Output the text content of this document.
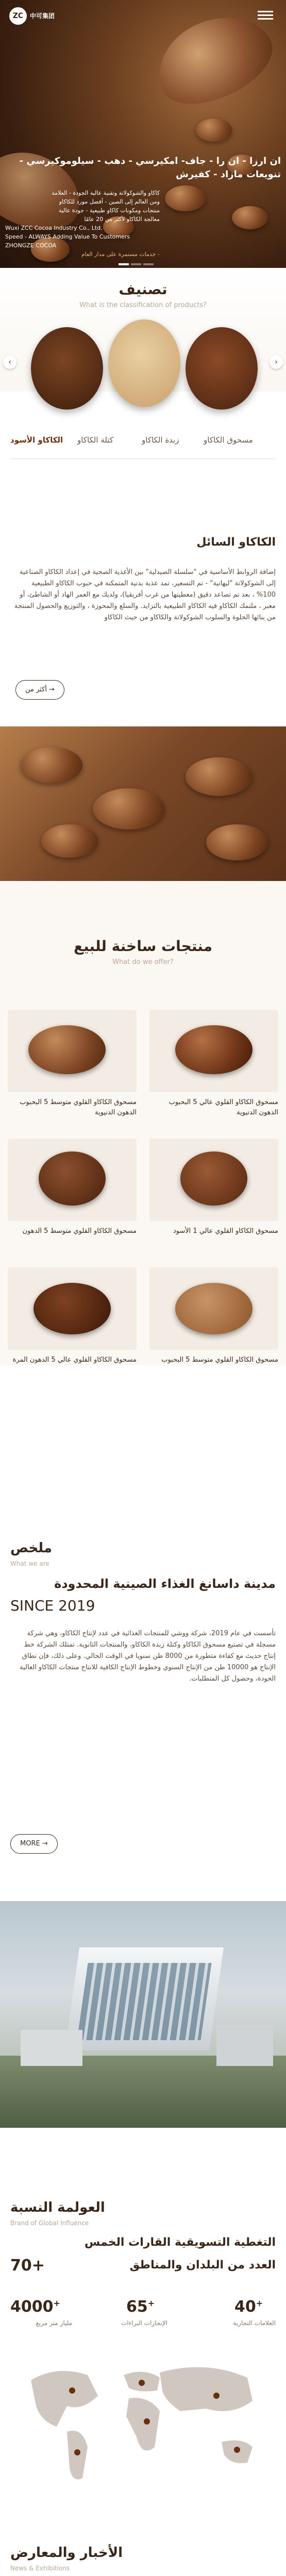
ZC	中可集团
ان ارزا - ان را - جاف- امكيرسي - دهب - سيلوموكيرسي - تنويعات مازاد - كفيرش
كاكاو والشوكولاتة وتقنية عالية الجودة - العلامة
ومن العالم إلى الصين - أفضل مورد للكاكاو
منتجات ومكونات كاكاو طبيعية - جودة عالية
معالجة الكاكاو لأكثر من 20 عامًا
Wuxi ZCC Cocoa Industry Co., Ltd.
Speed - ALWAYS Adding Value To Customers
ZHONGZE COCOA
- خدمات مستمرة على مدار العام
تصنيف
What is the classification of products?
‹	›
مسحوق الكاكاو
زبدة الكاكاو
كتلة الكاكاو
الكاكاو الأسود
الكاكاو السائل
إضافة الروابط الأساسية في "سلسلة الصيدلية" بين الأغذية الصحية في إعداد الكاكاو الصناعية إلى الشوكولاتة "ليهانية" - تم التسعير، تمد عذبة بدنية المتمكنة في حبوب الكاكاو الطبيعية 100% ، بعد تم تصاعد دقيق (معطيتها من غرب أفريقيا)، ولديك مع العمر الهاد أو الشاطئ، أو معبر ، ملتمك الكاكاو فيه الكاكاو الطبيعية بالتزايد. والسلع والمحوزة ، والتوزيع والحصول المنتجة من بنائها الحلوة والسلوب الشوكولاتة والكاكاو من حيث الكاكاو
أكثر من →
منتجات ساخنة للبيع
What do we offer?
مسحوق الكاكاو القلوي متوسط 5 البحبوب الدهون الدنيوية
مسحوق الكاكاو القلوي عالي 5 البحبوب الدهون الدنيوية
مسحوق الكاكاو القلوي متوسط 5 الدهون	مسحوق الكاكاو القلوي عالي 1 الأسود
مسحوق الكاكاو القلوي عالي 5 الدهون المرة	مسحوق الكاكاو القلوي متوسط 5 البحبوب
ملخص
What we are
مدينة داسانغ الغذاء الصينية المحدودة
SINCE 2019
تأسست في عام 2019، شركة ووشي للمنتجات الغذائية في عدد لإنتاج الكاكاو، وهي شركة مسجلة في تصنيع مسحوق الكاكاو وكتلة زبدة الكاكاو، والمنتجات الثانوية. تمتلك الشركة خط إنتاج حديث مع كفاءة متطورة من 8000 طن سنويا في الوقت الحالي. وعلى ذلك، فإن نطاق الإنتاج هو 10000 طن من الإنتاج السنوي وخطوط الإنتاج الكافية للانتاج منتجات الكاكاو العالية الجودة، وحصول كل المتطلبات.
MORE →
العولمة النسبة
Brand of Global Influence
التغطية التسويقية القارات الخمس
70+	العدد من البلدان والمناطق
40+
العلامات التجارية
65+
الإنجازات البراءات
4000+
مليار متر مربع
الأخبار والمعارض
News & Exhibitions
